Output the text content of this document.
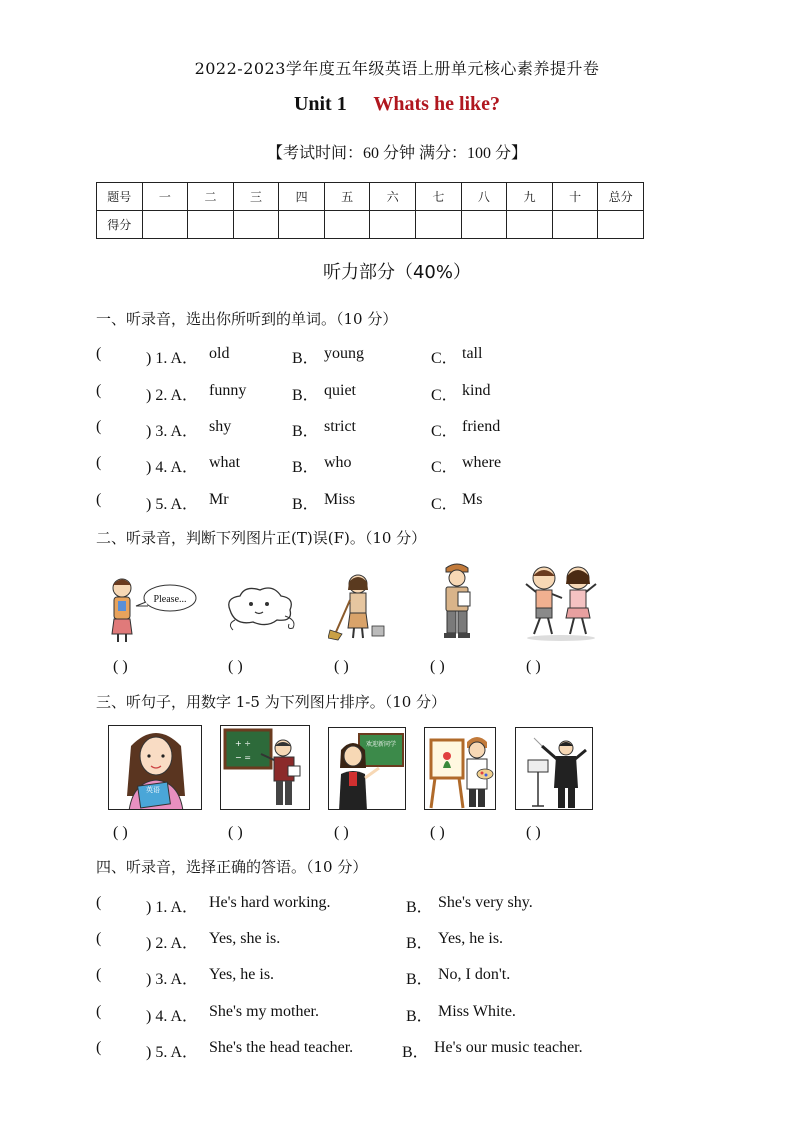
2022-2023学年度五年级英语上册单元核心素养提升卷
Unit 1 Whats he like?
【考试时间：60 分钟 满分：100 分】
题号	一	二	三	四	五	六	七	八	九	十	总分
得分											
听力部分（40%）
一、听录音，选出你所听到的单词。（10 分）
(	) 1. A． old	B． young	C． tall
(	) 2. A． funny	B． quiet	C． kind
(	) 3. A． shy	B． strict	C． friend
(	) 4. A． what	B． who	C． where
(	) 5. A． Mr	B． Miss	C． Ms
二、听录音，判断下列图片正(T)误(F)。（10 分）
Please...
( )	( )	( )	( )	( )
三、听句子，用数字 1-5 为下列图片排序。（10 分）
英语
+ ÷
− =
欢迎新同学
( )	( )	( )	( )	( )
四、听录音，选择正确的答语。（10 分）
(	) 1. A． He's hard working.	B． She's very shy.
(	) 2. A． Yes, she is.	B． Yes, he is.
(	) 3. A． Yes, he is.	B． No, I don't.
(	) 4. A． She's my mother.	B． Miss White.
(	) 5. A． She's the head teacher.	B． He's our music teacher.
